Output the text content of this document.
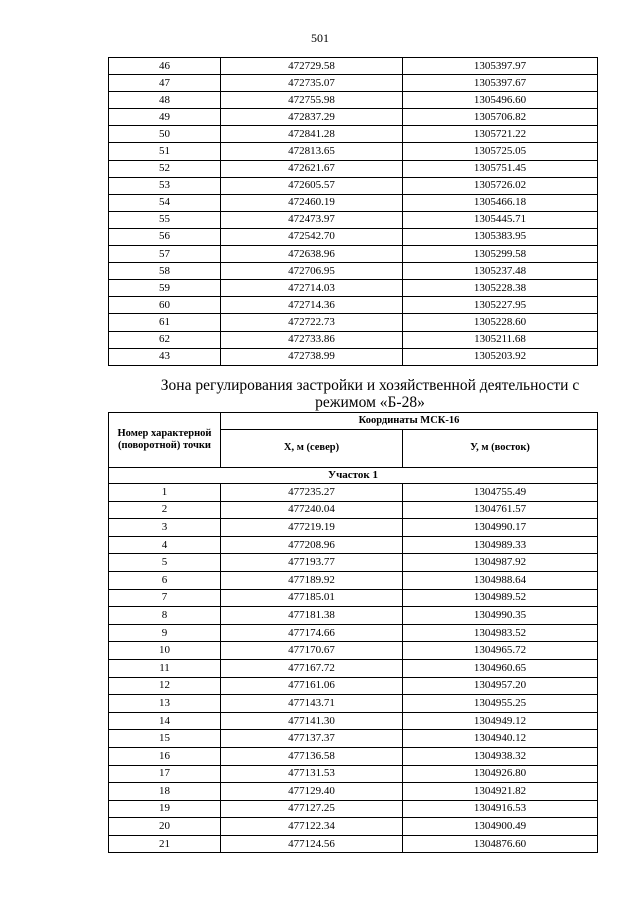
501
46	472729.58	1305397.97
47	472735.07	1305397.67
48	472755.98	1305496.60
49	472837.29	1305706.82
50	472841.28	1305721.22
51	472813.65	1305725.05
52	472621.67	1305751.45
53	472605.57	1305726.02
54	472460.19	1305466.18
55	472473.97	1305445.71
56	472542.70	1305383.95
57	472638.96	1305299.58
58	472706.95	1305237.48
59	472714.03	1305228.38
60	472714.36	1305227.95
61	472722.73	1305228.60
62	472733.86	1305211.68
43	472738.99	1305203.92
Зона регулирования застройки и хозяйственной деятельности с режимом «Б-28»
Номер характерной (поворотной) точки	Координаты МСК-16	
	X, м (север)	У, м (восток)
Участок 1		
1	477235.27	1304755.49
2	477240.04	1304761.57
3	477219.19	1304990.17
4	477208.96	1304989.33
5	477193.77	1304987.92
6	477189.92	1304988.64
7	477185.01	1304989.52
8	477181.38	1304990.35
9	477174.66	1304983.52
10	477170.67	1304965.72
11	477167.72	1304960.65
12	477161.06	1304957.20
13	477143.71	1304955.25
14	477141.30	1304949.12
15	477137.37	1304940.12
16	477136.58	1304938.32
17	477131.53	1304926.80
18	477129.40	1304921.82
19	477127.25	1304916.53
20	477122.34	1304900.49
21	477124.56	1304876.60
